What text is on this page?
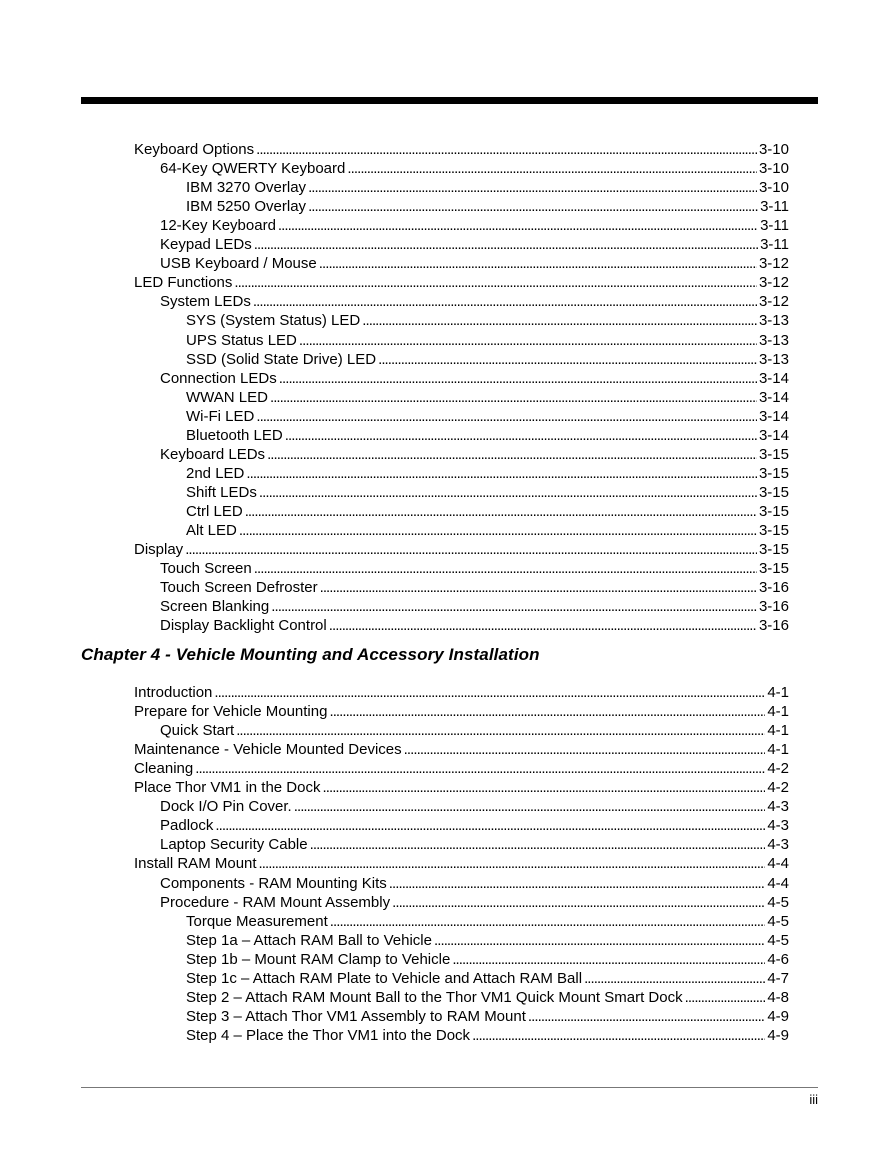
Keyboard Options . . .	3-10
64-Key QWERTY Keyboard . . .	3-10
IBM 3270 Overlay . . .	3-10
IBM 5250 Overlay . . .	3-11
12-Key Keyboard . . .	3-11
Keypad LEDs . . .	3-11
USB Keyboard / Mouse . . .	3-12
LED Functions . . .	3-12
System LEDs . . .	3-12
SYS (System Status) LED . . .	3-13
UPS Status LED . . .	3-13
SSD (Solid State Drive) LED . . .	3-13
Connection LEDs . . .	3-14
WWAN LED . . .	3-14
Wi-Fi LED . . .	3-14
Bluetooth LED . . .	3-14
Keyboard LEDs . . .	3-15
2nd LED . . .	3-15
Shift LEDs . . .	3-15
Ctrl LED . . .	3-15
Alt LED . . .	3-15
Display . . .	3-15
Touch Screen . . .	3-15
Touch Screen Defroster . . .	3-16
Screen Blanking . . .	3-16
Display Backlight Control . . .	3-16
Chapter 4 - Vehicle Mounting and Accessory Installation
Introduction . . .	4-1
Prepare for Vehicle Mounting . . .	4-1
Quick Start . . .	4-1
Maintenance - Vehicle Mounted Devices . . .	4-1
Cleaning . . .	4-2
Place Thor VM1 in the Dock . . .	4-2
Dock I/O Pin Cover. . . .	4-3
Padlock . . .	4-3
Laptop Security Cable . . .	4-3
Install RAM Mount . . .	4-4
Components - RAM Mounting Kits . . .	4-4
Procedure - RAM Mount Assembly . . .	4-5
Torque Measurement . . .	4-5
Step 1a – Attach RAM Ball to Vehicle . . .	4-5
Step 1b – Mount RAM Clamp to Vehicle . . .	4-6
Step 1c – Attach RAM Plate to Vehicle and Attach RAM Ball . . .	4-7
Step 2 – Attach RAM Mount Ball to the Thor VM1 Quick Mount Smart Dock . . .	4-8
Step 3 – Attach Thor VM1 Assembly to RAM Mount . . .	4-9
Step 4 – Place the Thor VM1 into the Dock . . .	4-9
iii
